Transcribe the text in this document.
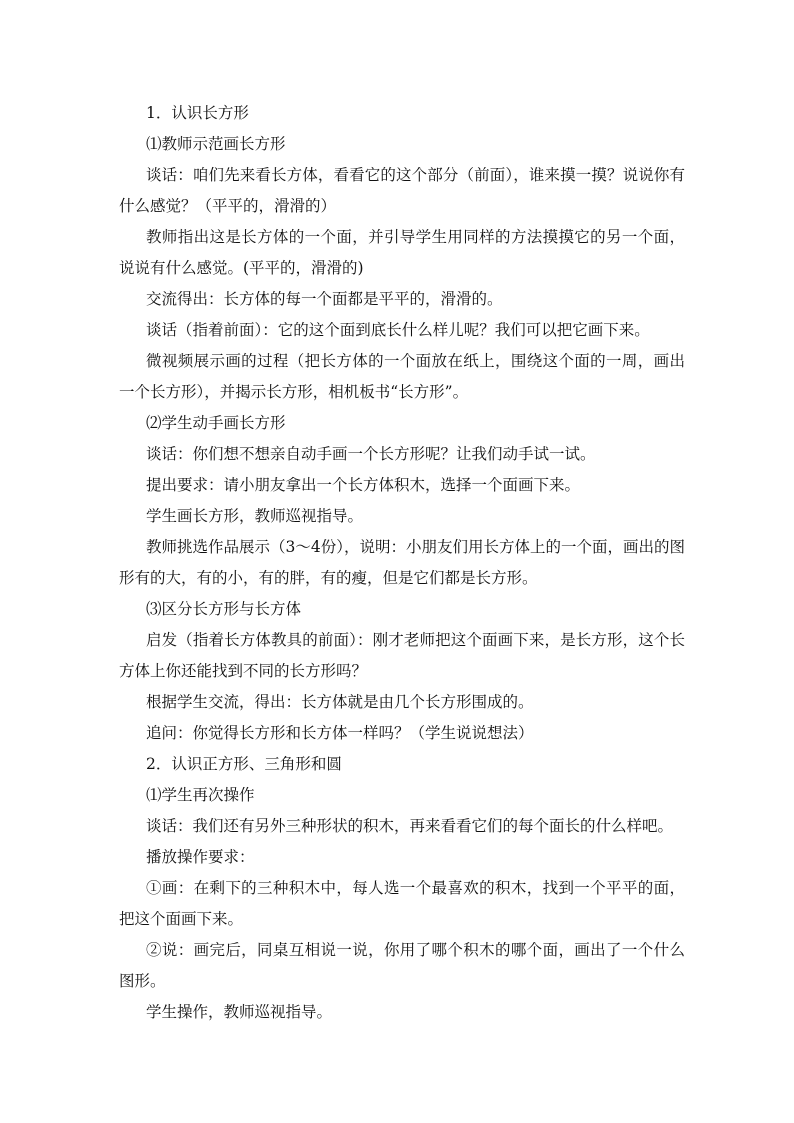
1．认识长方形

⑴教师示范画长方形

谈话：咱们先来看长方体，看看它的这个部分（前面），谁来摸一摸？说说你有什么感觉？（平平的，滑滑的）

教师指出这是长方体的一个面，并引导学生用同样的方法摸摸它的另一个面，说说有什么感觉。(平平的，滑滑的)

交流得出：长方体的每一个面都是平平的，滑滑的。

谈话（指着前面）：它的这个面到底长什么样儿呢？我们可以把它画下来。

微视频展示画的过程（把长方体的一个面放在纸上，围绕这个面的一周，画出一个长方形），并揭示长方形，相机板书“长方形”。

⑵学生动手画长方形

谈话：你们想不想亲自动手画一个长方形呢？让我们动手试一试。

提出要求：请小朋友拿出一个长方体积木，选择一个面画下来。

学生画长方形，教师巡视指导。

教师挑选作品展示（3～4份），说明：小朋友们用长方体上的一个面，画出的图形有的大，有的小，有的胖，有的瘦，但是它们都是长方形。

⑶区分长方形与长方体

启发（指着长方体教具的前面）：刚才老师把这个面画下来，是长方形，这个长方体上你还能找到不同的长方形吗？

根据学生交流，得出：长方体就是由几个长方形围成的。

追问：你觉得长方形和长方体一样吗？（学生说说想法）

2．认识正方形、三角形和圆

⑴学生再次操作

谈话：我们还有另外三种形状的积木，再来看看它们的每个面长的什么样吧。

播放操作要求：

①画：在剩下的三种积木中，每人选一个最喜欢的积木，找到一个平平的面，把这个面画下来。

②说：画完后，同桌互相说一说，你用了哪个积木的哪个面，画出了一个什么图形。

学生操作，教师巡视指导。
